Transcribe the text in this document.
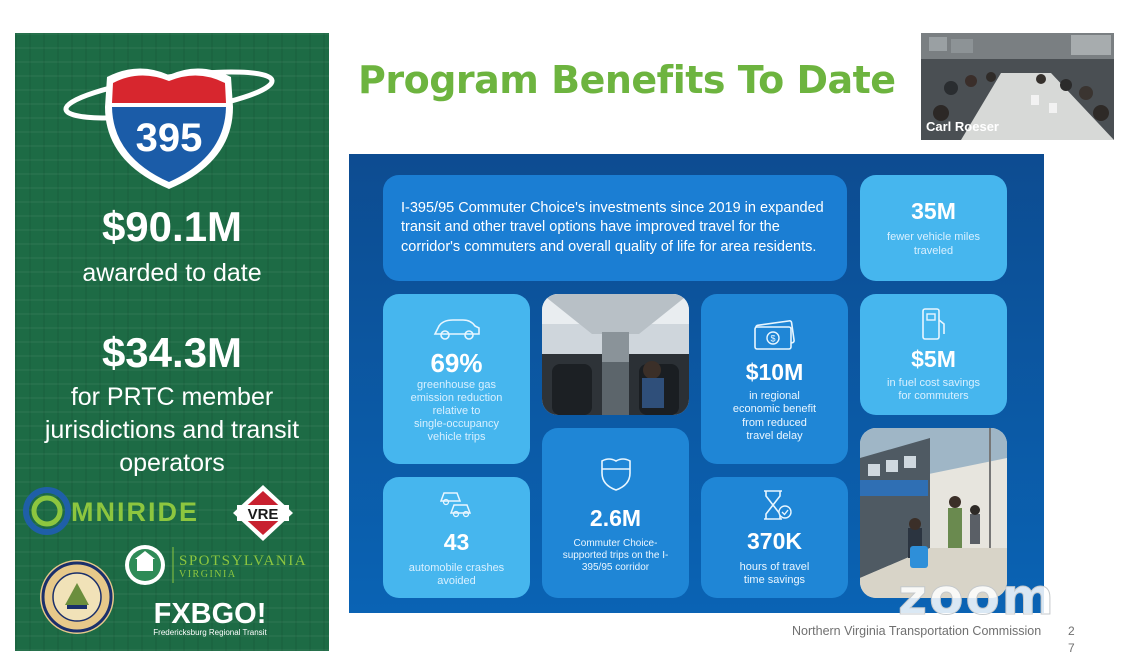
395
$90.1M
awarded to date
$34.3M
for PRTC member
jurisdictions and transit
operators
MNIRIDE	VRE
SPOTSYLVANIA
VIRGINIA
FXBGO!
Fredericksburg Regional Transit
Program Benefits To Date
Carl Roeser
I-395/95 Commuter Choice's investments since 2019 in expanded transit and other travel options have improved travel for the corridor's commuters and overall quality of life for area residents.
35M
fewer vehicle miles
traveled
69%
greenhouse gas
emission reduction
relative to
single-occupancy
vehicle trips
$
$10M
in regional
economic benefit
from reduced
travel delay
$5M
in fuel cost savings
for commuters
2.6M
Commuter Choice-
supported trips on the I-
395/95 corridor
43
automobile crashes
avoided
370K
hours of travel
time savings zoom
Northern Virginia Transportation Commission 2
7
